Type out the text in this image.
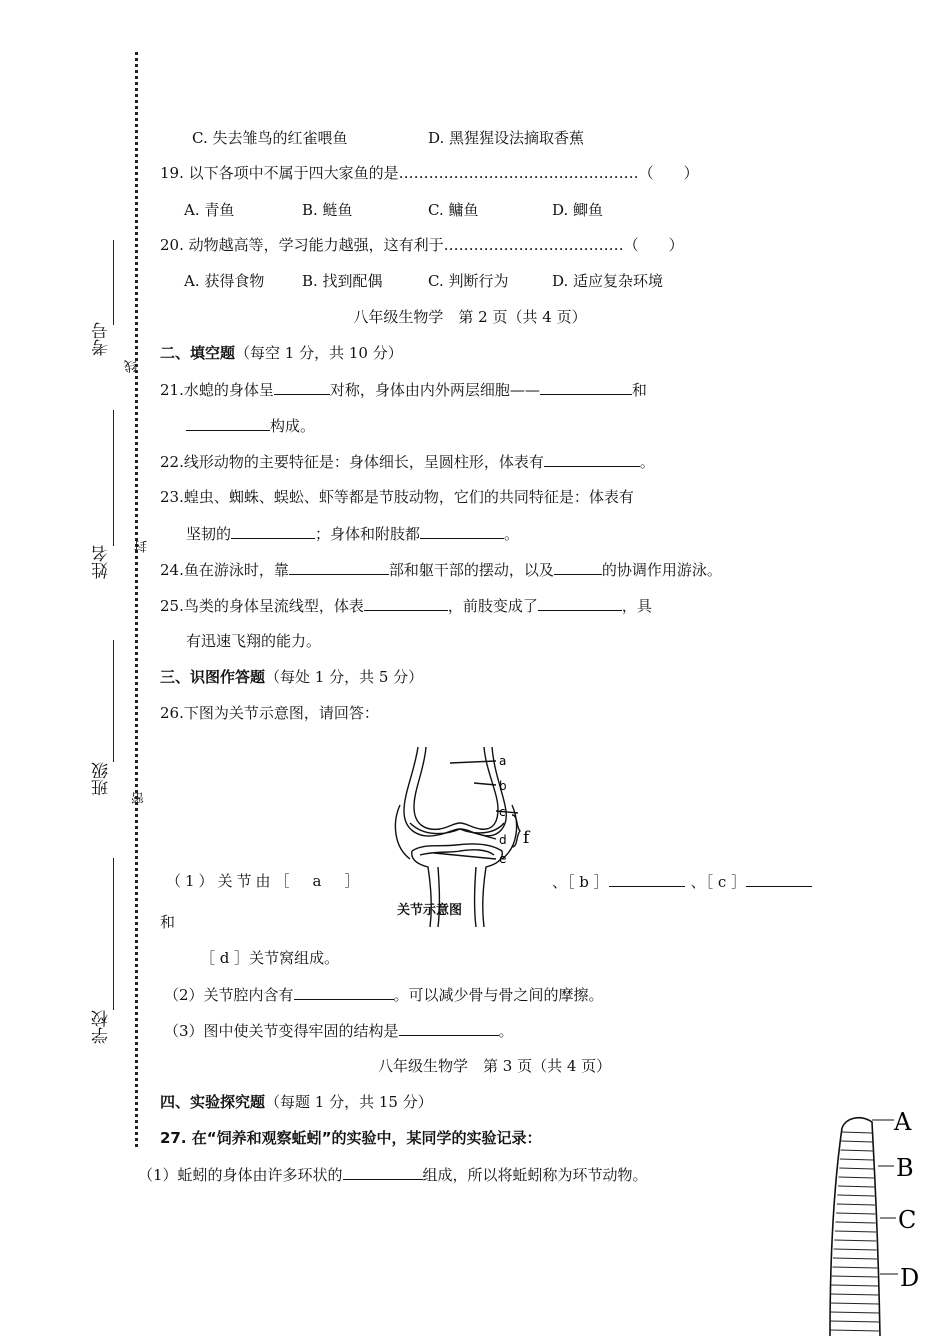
考号
姓名
班级
学校
线
封
密
C. 失去雏鸟的红雀喂鱼	D. 黑猩猩设法摘取香蕉
19. 以下各项中不属于四大家鱼的是…………………………………………（　　）
A. 青鱼	B. 鲢鱼	C. 鳙鱼	D. 鲫鱼
20. 动物越高等，学习能力越强，这有利于………………………………（　　）
A. 获得食物	B. 找到配偶	C. 判断行为	D. 适应复杂环境
八年级生物学　第 2 页（共 4 页）
二、填空题（每空 1 分，共 10 分）
21.水螅的身体呈	对称，身体由内外两层细胞——	和
构成。
22.线形动物的主要特征是：身体细长，呈圆柱形，体表有	。
23.蝗虫、蜘蛛、蜈蚣、虾等都是节肢动物，它们的共同特征是：体表有
坚韧的	；身体和附肢都	。
24.鱼在游泳时，靠	部和躯干部的摆动，以及	的协调作用游泳。
25.鸟类的身体呈流线型，体表	，前肢变成了	，具
有迅速飞翔的能力。
三、识图作答题（每处 1 分，共 5 分）
26.下图为关节示意图，请回答：
a
b
c
d
e
f
关节示意图
（1）关节由［　a　］	、［ b ］	、［ c ］
和
［ d ］关节窝组成。
（2）关节腔内含有	。可以减少骨与骨之间的摩擦。
（3）图中使关节变得牢固的结构是	。
八年级生物学　第 3 页（共 4 页）
四、实验探究题（每题 1 分，共 15 分）
27. 在“饲养和观察蚯蚓”的实验中，某同学的实验记录：
（1）蚯蚓的身体由许多环状的	组成，所以将蚯蚓称为环节动物。
A
B
C
D
